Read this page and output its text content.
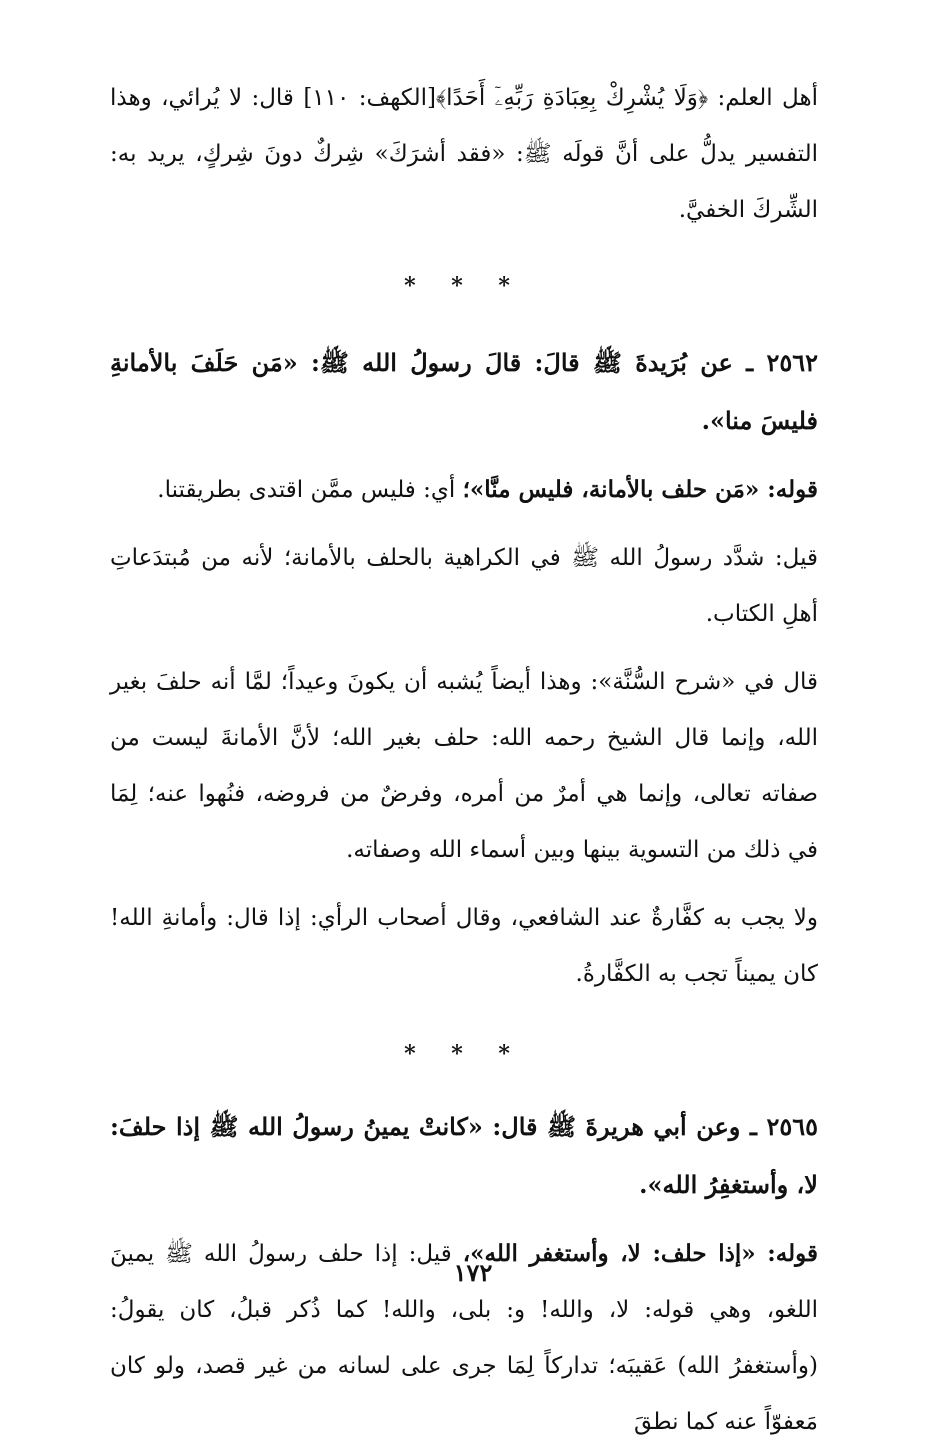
أهل العلم: ﴿وَلَا يُشْرِكْ بِعِبَادَةِ رَبِّهِۦٓ أَحَدًا﴾[الكهف: ١١٠] قال: لا يُرائي، وهذا التفسير يدلُّ على أنَّ قولَه ﷺ: «فقد أشرَكَ» شِركٌ دونَ شِركٍ، يريد به: الشِّركَ الخفيَّ.

* * *

٢٥٦٢ ـ عن بُرَيدةَ ﷺ قالَ: قالَ رسولُ الله ﷺ: «مَن حَلَفَ بالأمانةِ فليسَ منا».

قوله: «مَن حلف بالأمانة، فليس منَّا»؛ أي: فليس ممَّن اقتدى بطريقتنا.

قيل: شدَّد رسولُ الله ﷺ في الكراهية بالحلف بالأمانة؛ لأنه من مُبتدَعاتِ أهلِ الكتاب.

قال في «شرح السُّنَّة»: وهذا أيضاً يُشبه أن يكونَ وعيداً؛ لمَّا أنه حلفَ بغير الله، وإنما قال الشيخ رحمه الله: حلف بغير الله؛ لأنَّ الأمانةَ ليست من صفاته تعالى، وإنما هي أمرٌ من أمره، وفرضٌ من فروضه، فنُهوا عنه؛ لِمَا في ذلك من التسوية بينها وبين أسماء الله وصفاته.

ولا يجب به كفَّارةٌ عند الشافعي، وقال أصحاب الرأي: إذا قال: وأمانةِ الله! كان يميناً تجب به الكفَّارةُ.

* * *

٢٥٦٥ ـ وعن أبي هريرةَ ﷺ قال: «كانتْ يمينُ رسولُ الله ﷺ إذا حلفَ: لا، وأستغفِرُ الله».

قوله: «إذا حلف: لا، وأستغفر الله»، قيل: إذا حلف رسولُ الله ﷺ يمينَ اللغو، وهي قوله: لا، والله! و: بلى، والله! كما ذُكر قبلُ، كان يقولُ: (وأستغفرُ الله) عَقيبَه؛ تداركاً لِمَا جرى على لسانه من غير قصد، ولو كان مَعفوّاً عنه كما نطقَ

١٧٢
